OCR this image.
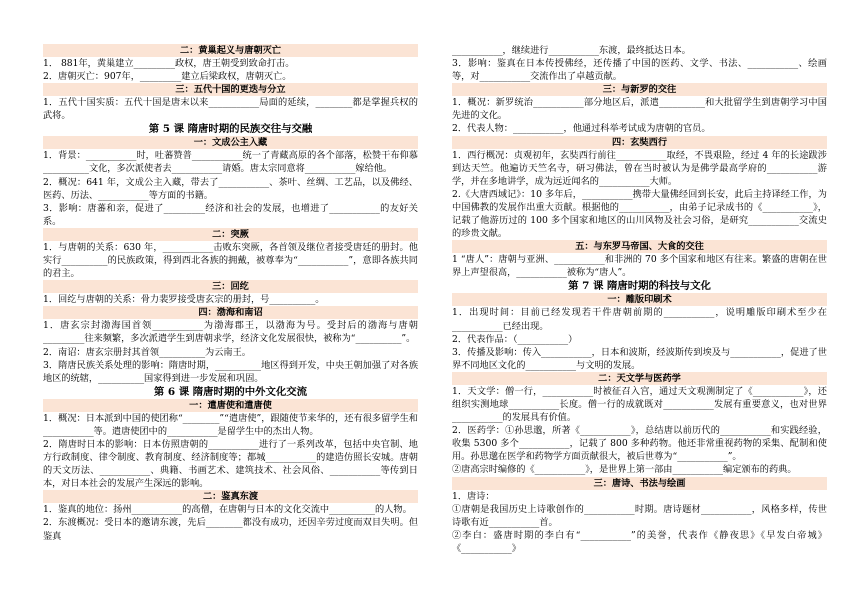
二：黄巢起义与唐朝灭亡
1． 881年，黄巢建立_________政权，唐王朝受到致命打击。
2．唐朝灭亡：907年，_________建立后梁政权，唐朝灭亡。
三：五代十国的更迭与分立
1．五代十国实质：五代十国是唐末以来___________局面的延续，________都是掌握兵权的武将。
第 5 课 隋唐时期的民族交往与交融
一：文成公主入藏
1．背景：___________时，吐蕃赞普___________统一了青藏高原的各个部落，松赞干布仰慕__________文化，多次派使者去___________请婚。唐太宗同意将___________嫁给他。
2．概况：641 年，文成公主入藏，带去了___________、茶叶、丝绸、工艺品，以及佛经、医药、历法、___________等方面的书籍。
3．影响：唐蕃和亲，促进了_________经济和社会的发展，也增进了___________的友好关系。
二：突厥
1．与唐朝的关系：630 年，___________击败东突厥，各首领及继位者接受唐廷的册封。他实行__________的民族政策，得到西北各族的拥戴，被尊奉为“___________”，意即各族共同的君主。
三：回纥
1．回纥与唐朝的关系：骨力裴罗接受唐玄宗的册封，号__________。
四：渤海和南诏
1．唐玄宗封渤海国首领___________为渤海郡王，以渤海为号。受封后的渤海与唐朝_________往来频繁，多次派遣学生到唐朝求学，经济文化发展很快，被称为“__________”。
2．南诏：唐玄宗册封其首领__________为云南王。
3．隋唐民族关系处理的影响：隋唐时期，__________地区得到开发，中央王朝加强了对各族地区的统辖，__________国家得到进一步发展和巩固。
第 6 课 隋唐时期的中外文化交流
一：遣唐使和遣唐使
1．概况：日本派到中国的使团称“________”“遣唐使”，跟随使节来华的，还有很多留学生和___________等。遣唐使团中的___________是留学生中的杰出人物。
2．隋唐时日本的影响：日本仿照唐朝的___________进行了一系列改革，包括中央官制、地方行政制度、律令制度、教育制度、经济制度等；都城___________的建造仿照长安城。唐朝的天文历法、___________、典籍、书画艺术、建筑技术、社会风俗、___________等传到日本，对日本社会的发展产生深远的影响。
二：鉴真东渡
1．鉴真的地位：扬州___________的高僧，在唐朝与日本的文化交流中__________的人物。
2．东渡概况：受日本的邀请东渡，先后________都没有成功，还因辛劳过度而双目失明。但鉴真
___________，继续进行___________东渡，最终抵达日本。
3．影响：鉴真在日本传授佛经，还传播了中国的医药、文学、书法、___________、绘画等，对___________交流作出了卓越贡献。
三：与新罗的交往
1．概况：新罗统治___________部分地区后，派遣__________和大批留学生到唐朝学习中国先进的文化。
2．代表人物：___________，他通过科举考试成为唐朝的官员。
四：玄奘西行
1．西行概况：贞观初年，玄奘西行前往___________取经，不畏艰险，经过 4 年的长途跋涉到达天竺。他遍访天竺名寺，研习佛法，曾在当时被认为是佛学最高学府的___________游学，并在多地讲学，成为远近闻名的___________大师。
2.《大唐西域记》：10 多年后，___________携带大量佛经回到长安，此后主持译经工作，为中国佛教的发展作出重大贡献。根据他的___________，由弟子记录成书的《___________》，记载了他游历过的 100 多个国家和地区的山川风物及社会习俗，是研究___________交流史的珍贵文献。
五：与东罗马帝国、大食的交往
1 “唐人”：唐朝与亚洲、___________和非洲的 70 多个国家和地区有往来。繁盛的唐朝在世界上声望很高，___________被称为“唐人”。
第 7 课 隋唐时期的科技与文化
一：雕版印刷术
1．出现时间：目前已经发现若干件唐朝前期的___________，说明雕版印刷术至少在___________已经出现。
2．代表作品：（___________）
3．传播及影响：传入___________，日本和波斯，经波斯传到埃及与___________，促进了世界不同地区文化的___________与文明的发展。
二：天文学与医药学
1．天文学：僧一行，___________时被征召入宫，通过天文观测制定了《___________》，还组织实测地球___________长度。僧一行的成就既对___________发展有重要意义，也对世界___________的发展具有价值。
2．医药学：①孙思邈，所著《___________》，总结唐以前历代的___________和实践经验，收集 5300 多个___________，记载了 800 多种药物。他还非常重视药物的采集、配制和使用。孙思邈在医学和药物学方面贡献很大，被后世尊为“___________”。
②唐高宗时编修的《___________》，是世界上第一部由___________编定颁布的药典。
三：唐诗、书法与绘画
1．唐诗：
①唐朝是我国历史上诗歌创作的___________时期。唐诗题材___________，风格多样，传世诗歌有近___________首。
②李白：盛唐时期的李白有“___________”的美誉，代表作《静夜思》《早发白帝城》《___________》
